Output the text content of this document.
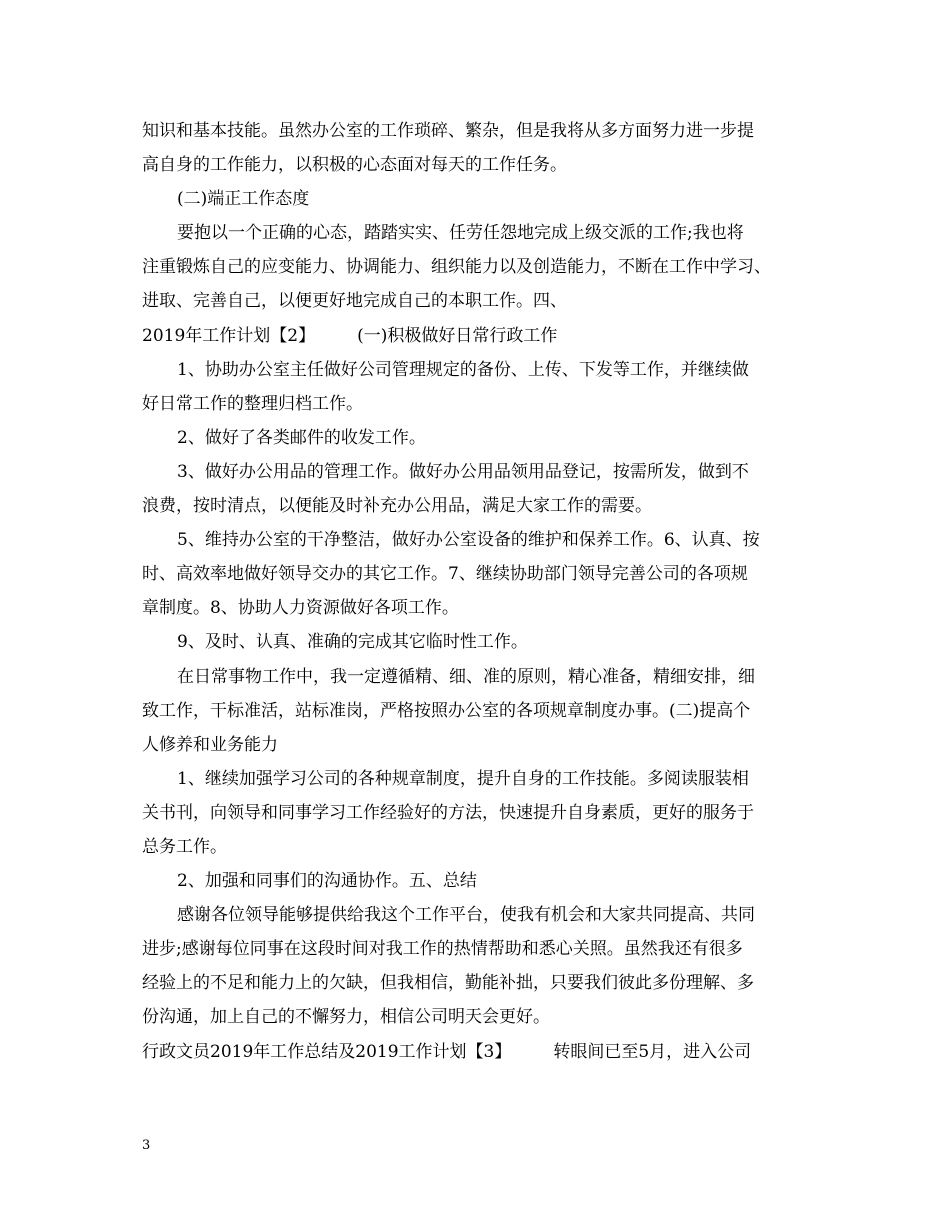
知识和基本技能。虽然办公室的工作琐碎、繁杂，但是我将从多方面努力进一步提
高自身的工作能力，以积极的心态面对每天的工作任务。
(二)端正工作态度
要抱以一个正确的心态，踏踏实实、任劳任怨地完成上级交派的工作;我也将
注重锻炼自己的应变能力、协调能力、组织能力以及创造能力，不断在工作中学习、
进取、完善自己，以便更好地完成自己的本职工作。四、
2019年工作计划【2】 (一)积极做好日常行政工作
1、协助办公室主任做好公司管理规定的备份、上传、下发等工作，并继续做
好日常工作的整理归档工作。
2、做好了各类邮件的收发工作。
3、做好办公用品的管理工作。做好办公用品领用品登记，按需所发，做到不
浪费，按时清点，以便能及时补充办公用品，满足大家工作的需要。
5、维持办公室的干净整洁，做好办公室设备的维护和保养工作。6、认真、按
时、高效率地做好领导交办的其它工作。7、继续协助部门领导完善公司的各项规
章制度。8、协助人力资源做好各项工作。
9、及时、认真、准确的完成其它临时性工作。
在日常事物工作中，我一定遵循精、细、准的原则，精心准备，精细安排，细
致工作，干标准活，站标准岗，严格按照办公室的各项规章制度办事。(二)提高个
人修养和业务能力
1、继续加强学习公司的各种规章制度，提升自身的工作技能。多阅读服装相
关书刊，向领导和同事学习工作经验好的方法，快速提升自身素质，更好的服务于
总务工作。
2、加强和同事们的沟通协作。五、总结
感谢各位领导能够提供给我这个工作平台，使我有机会和大家共同提高、共同
进步;感谢每位同事在这段时间对我工作的热情帮助和悉心关照。虽然我还有很多
经验上的不足和能力上的欠缺，但我相信，勤能补拙，只要我们彼此多份理解、多
份沟通，加上自己的不懈努力，相信公司明天会更好。
行政文员2019年工作总结及2019工作计划【3】 转眼间已至5月，进入公司
3
